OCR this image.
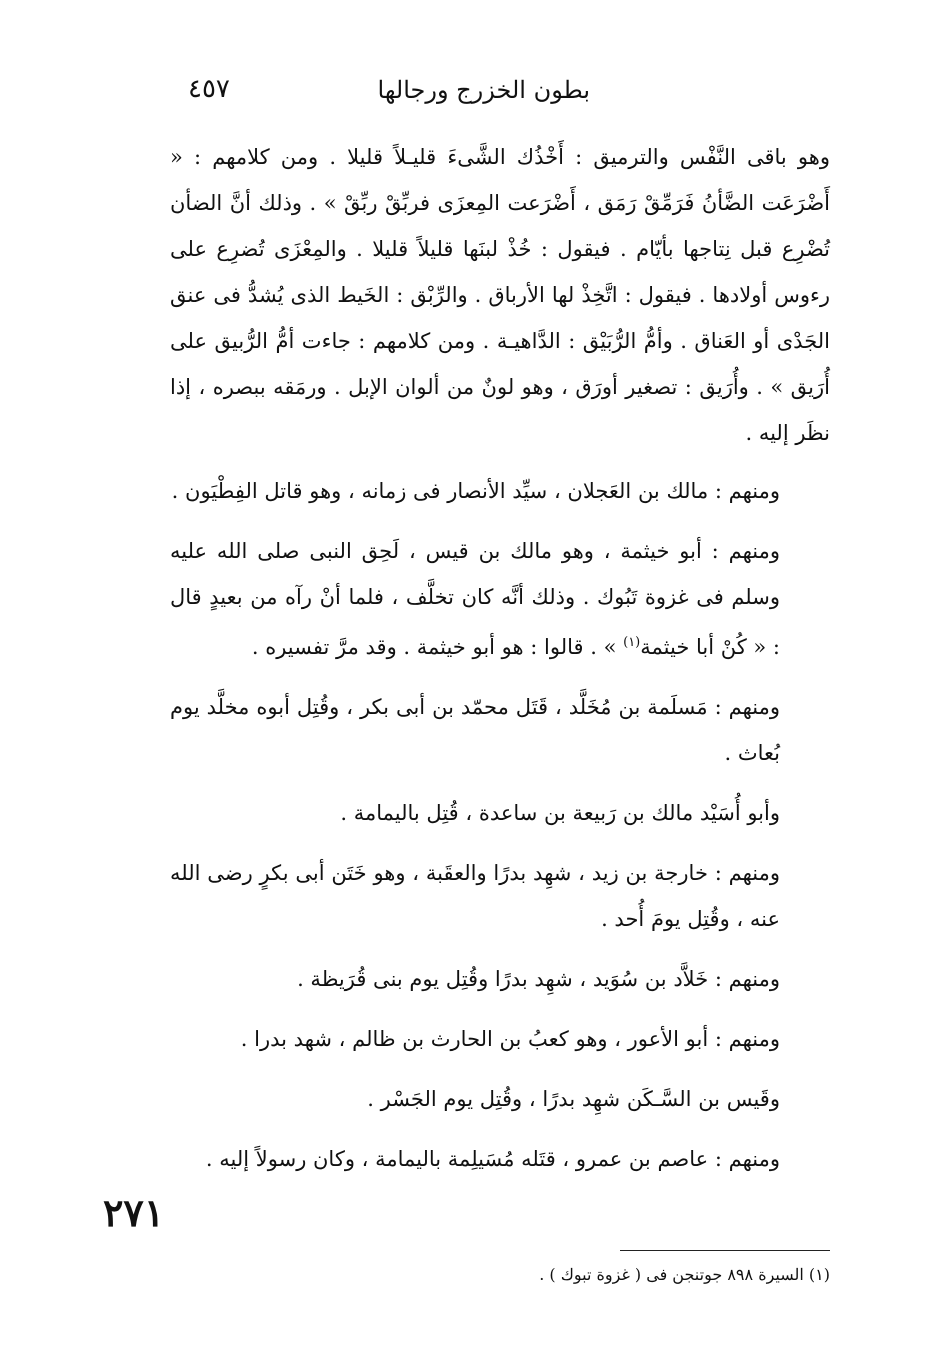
بطون الخزرج ورجالها
٤٥٧

وهو باقى النَّفْس والترميق : أَخْذُك الشَّىءَ قليـلاً قليلا . ومن كلامهم : « أَضْرَعَت الضَّأنُ فَرَمِّقْ رَمَق ، أَضْرَعت المِعزَى فربِّقْ ربِّقْ » . وذلك أنَّ الضأن تُضْرِع قبل نِتاجها بأيّام . فيقول : خُذْ لبنَها قليلاً قليلا . والمِعْزَى تُضرِع على رءوس أولادها . فيقول : اتَّخِذْ لها الأرباق . والرِّبْق : الخَيط الذى يُشدُّ فى عنق الجَدْى أو العَناق . وأمُّ الرُّبَيْق : الدَّاهيـة . ومن كلامهم : جاءت أمُّ الرُّبيق على أُرَيق » . وأُرَيق : تصغير أورَق ، وهو لونٌ من ألوان الإبل . ورمَقه ببصره ، إذا نظَر إليه .

ومنهم : مالك بن العَجلان ، سيِّد الأنصار فى زمانه ، وهو قاتل الفِطْيَون .

ومنهم : أبو خيثمة ، وهو مالك بن قيس ، لَحِق النبى صلى الله عليه وسلم فى غزوة تَبُوك . وذلك أنَّه كان تخلَّف ، فلما أنْ رآه من بعيدٍ قال : « كُنْ أبا خيثمة$^{(١)}$ » . قالوا : هو أبو خيثمة . وقد مرَّ تفسيره .

ومنهم : مَسلَمة بن مُخَلَّد ، قَتَل محمّد بن أبى بكر ، وقُتِل أبوه مخلَّد يوم بُعاث .

وأبو أُسَيْد مالك بن رَبيعة بن ساعدة ، قُتِل باليمامة .

ومنهم : خارجة بن زيد ، شهِد بدرًا والعقَبة ، وهو خَتَن أبى بكرٍ رضى الله عنه ، وقُتِل يومَ أُحد .

ومنهم : خَلاَّد بن سُوَيد ، شهِد بدرًا وقُتِل يوم بنى قُرَيظة .

ومنهم : أبو الأعور ، وهو كعبُ بن الحارث بن ظالم ، شهد بدرا .

وقَيس بن السَّـكَن شهِد بدرًا ، وقُتِل يوم الجَسْر .

ومنهم : عاصم بن عمرو ، قتَله مُسَيلِمة باليمامة ، وكان رسولاً إليه .

٢٧١
(١) السيرة ٨٩٨ جوتنجن فى ( غزوة تبوك ) .
